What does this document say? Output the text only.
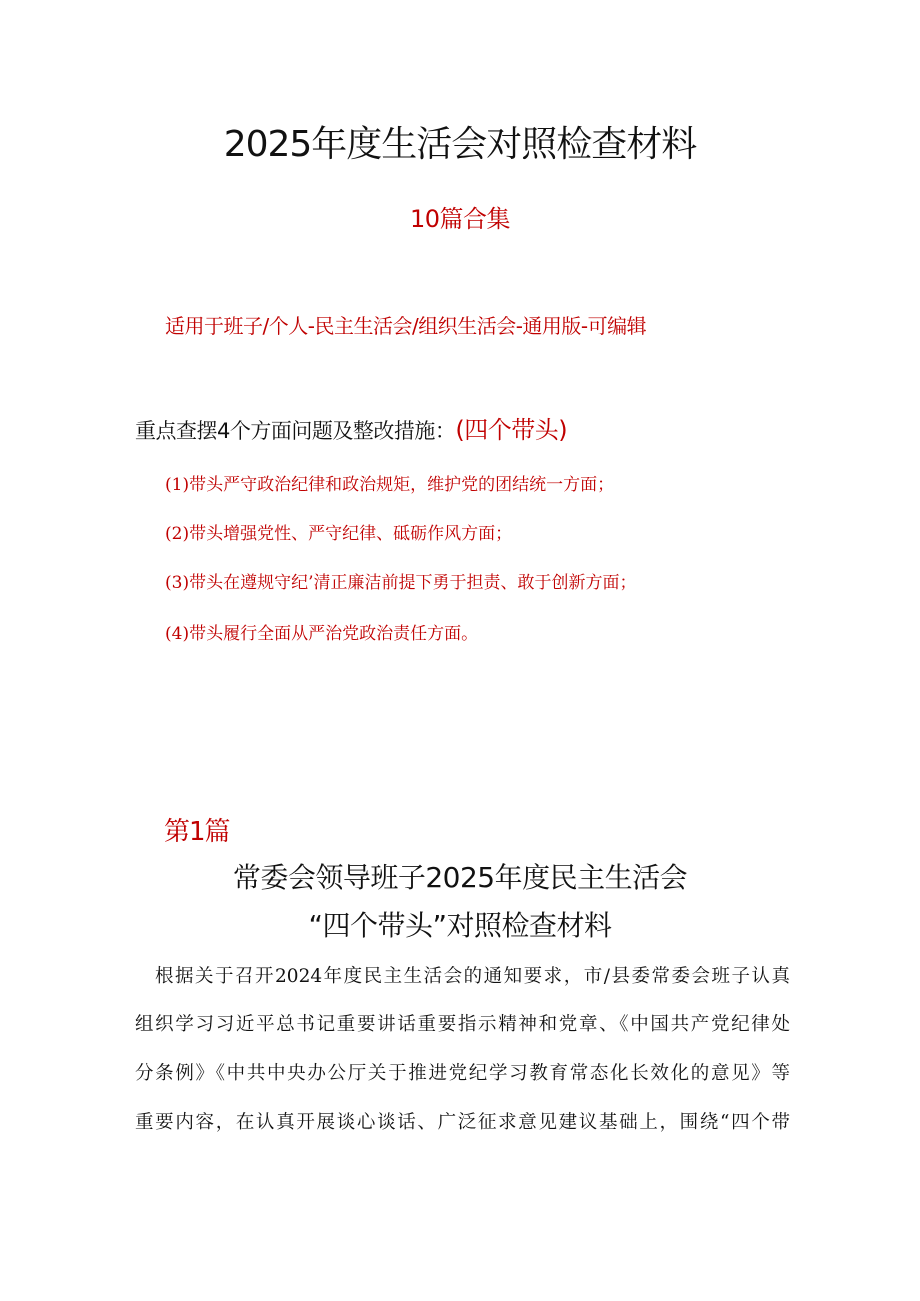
2025年度生活会对照检查材料
10篇合集
适用于班子/个人-民主生活会/组织生活会-通用版-可编辑
重点查摆4个方面问题及整改措施：(四个带头)
(1)带头严守政治纪律和政治规矩，维护党的团结统一方面；
(2)带头增强党性、严守纪律、砥砺作风方面；
(3)带头在遵规守纪’清正廉洁前提下勇于担责、敢于创新方面；
(4)带头履行全面从严治党政治责任方面。
第1篇
常委会领导班子2025年度民主生活会
“四个带头”对照检查材料
根据关于召开2024年度民主生活会的通知要求，市/县委常委会班子认真
组织学习习近平总书记重要讲话重要指示精神和党章、《中国共产党纪律处
分条例》《中共中央办公厅关于推进党纪学习教育常态化长效化的意见》等
重要内容，在认真开展谈心谈话、广泛征求意见建议基础上，围绕“四个带
